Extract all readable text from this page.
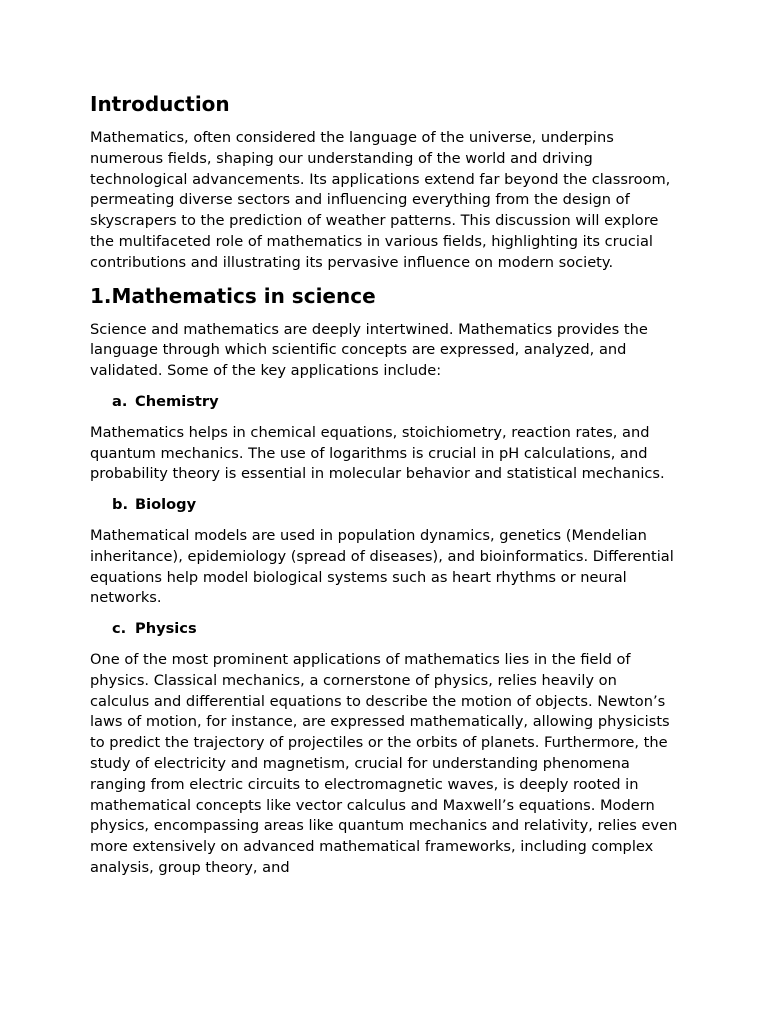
Introduction

Mathematics, often considered the language of the universe, underpins numerous fields, shaping our understanding of the world and driving technological advancements. Its applications extend far beyond the classroom, permeating diverse sectors and influencing everything from the design of skyscrapers to the prediction of weather patterns. This discussion will explore the multifaceted role of mathematics in various fields, highlighting its crucial contributions and illustrating its pervasive influence on modern society.

1.Mathematics in science

Science and mathematics are deeply intertwined. Mathematics provides the language through which scientific concepts are expressed, analyzed, and validated. Some of the key applications include:

a. Chemistry

Mathematics helps in chemical equations, stoichiometry, reaction rates, and quantum mechanics. The use of logarithms is crucial in pH calculations, and probability theory is essential in molecular behavior and statistical mechanics.

b. Biology

Mathematical models are used in population dynamics, genetics (Mendelian inheritance), epidemiology (spread of diseases), and bioinformatics. Differential equations help model biological systems such as heart rhythms or neural networks.

c. Physics

One of the most prominent applications of mathematics lies in the field of physics. Classical mechanics, a cornerstone of physics, relies heavily on calculus and differential equations to describe the motion of objects. Newton’s laws of motion, for instance, are expressed mathematically, allowing physicists to predict the trajectory of projectiles or the orbits of planets. Furthermore, the study of electricity and magnetism, crucial for understanding phenomena ranging from electric circuits to electromagnetic waves, is deeply rooted in mathematical concepts like vector calculus and Maxwell’s equations. Modern physics, encompassing areas like quantum mechanics and relativity, relies even more extensively on advanced mathematical frameworks, including complex analysis, group theory, and
